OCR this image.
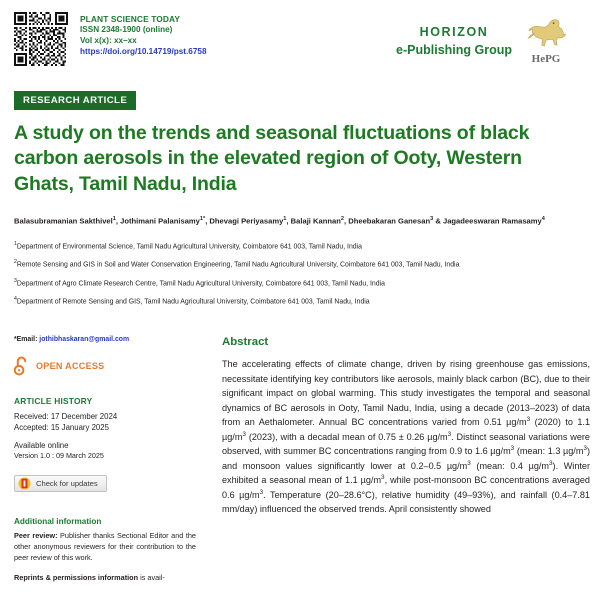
PLANT SCIENCE TODAY
ISSN 2348-1900 (online)
Vol x(x): xx–xx
https://doi.org/10.14719/pst.6758
HORIZON
e-Publishing Group
HePG
RESEARCH ARTICLE
A study on the trends and seasonal fluctuations of black carbon aerosols in the elevated region of Ooty, Western Ghats, Tamil Nadu, India
Balasubramanian Sakthivel$^1$, Jothimani Palanisamy$^{1*}$, Dhevagi Periyasamy$^1$, Balaji Kannan$^2$, Dheebakaran Ganesan$^3$ & Jagadeeswaran Ramasamy$^4$
$^1$Department of Environmental Science, Tamil Nadu Agricultural University, Coimbatore 641 003, Tamil Nadu, India
$^2$Remote Sensing and GIS in Soil and Water Conservation Engineering, Tamil Nadu Agricultural University, Coimbatore 641 003, Tamil Nadu, India
$^3$Department of Agro Climate Research Centre, Tamil Nadu Agricultural University, Coimbatore 641 003, Tamil Nadu, India
$^4$Department of Remote Sensing and GIS, Tamil Nadu Agricultural University, Coimbatore 641 003, Tamil Nadu, India
*Email: jothibhaskaran@gmail.com
OPEN ACCESS
ARTICLE HISTORY
Received: 17 December 2024
Accepted: 15 January 2025
Available online
Version 1.0 : 09 March 2025
Check for updates
Additional information
Peer review: Publisher thanks Sectional Editor and the other anonymous reviewers for their contribution to the peer review of this work.
Reprints & permissions information is avail-
Abstract
The accelerating effects of climate change, driven by rising greenhouse gas emissions, necessitate identifying key contributors like aerosols, mainly black carbon (BC), due to their significant impact on global warming. This study investigates the temporal and seasonal dynamics of BC aerosols in Ooty, Tamil Nadu, India, using a decade (2013–2023) of data from an Aethalometer. Annual BC concentrations varied from 0.51 $\mu g/m^3$ (2020) to 1.1 $\mu g/m^3$ (2023), with a decadal mean of 0.75 ± 0.26 $\mu g/m^3$. Distinct seasonal variations were observed, with summer BC concentrations ranging from 0.9 to 1.6 $\mu g/m^3$ (mean: 1.3 $\mu g/m^3$) and monsoon values significantly lower at 0.2–0.5 $\mu g/m^3$ (mean: 0.4 $\mu g/m^3$). Winter exhibited a seasonal mean of 1.1 $\mu g/m^3$, while post-monsoon BC concentrations averaged 0.6 $\mu g/m^3$. Temperature (20–28.6°C), relative humidity (49–93%), and rainfall (0.4–7.81 mm/day) influenced the observed trends. April consistently showed
